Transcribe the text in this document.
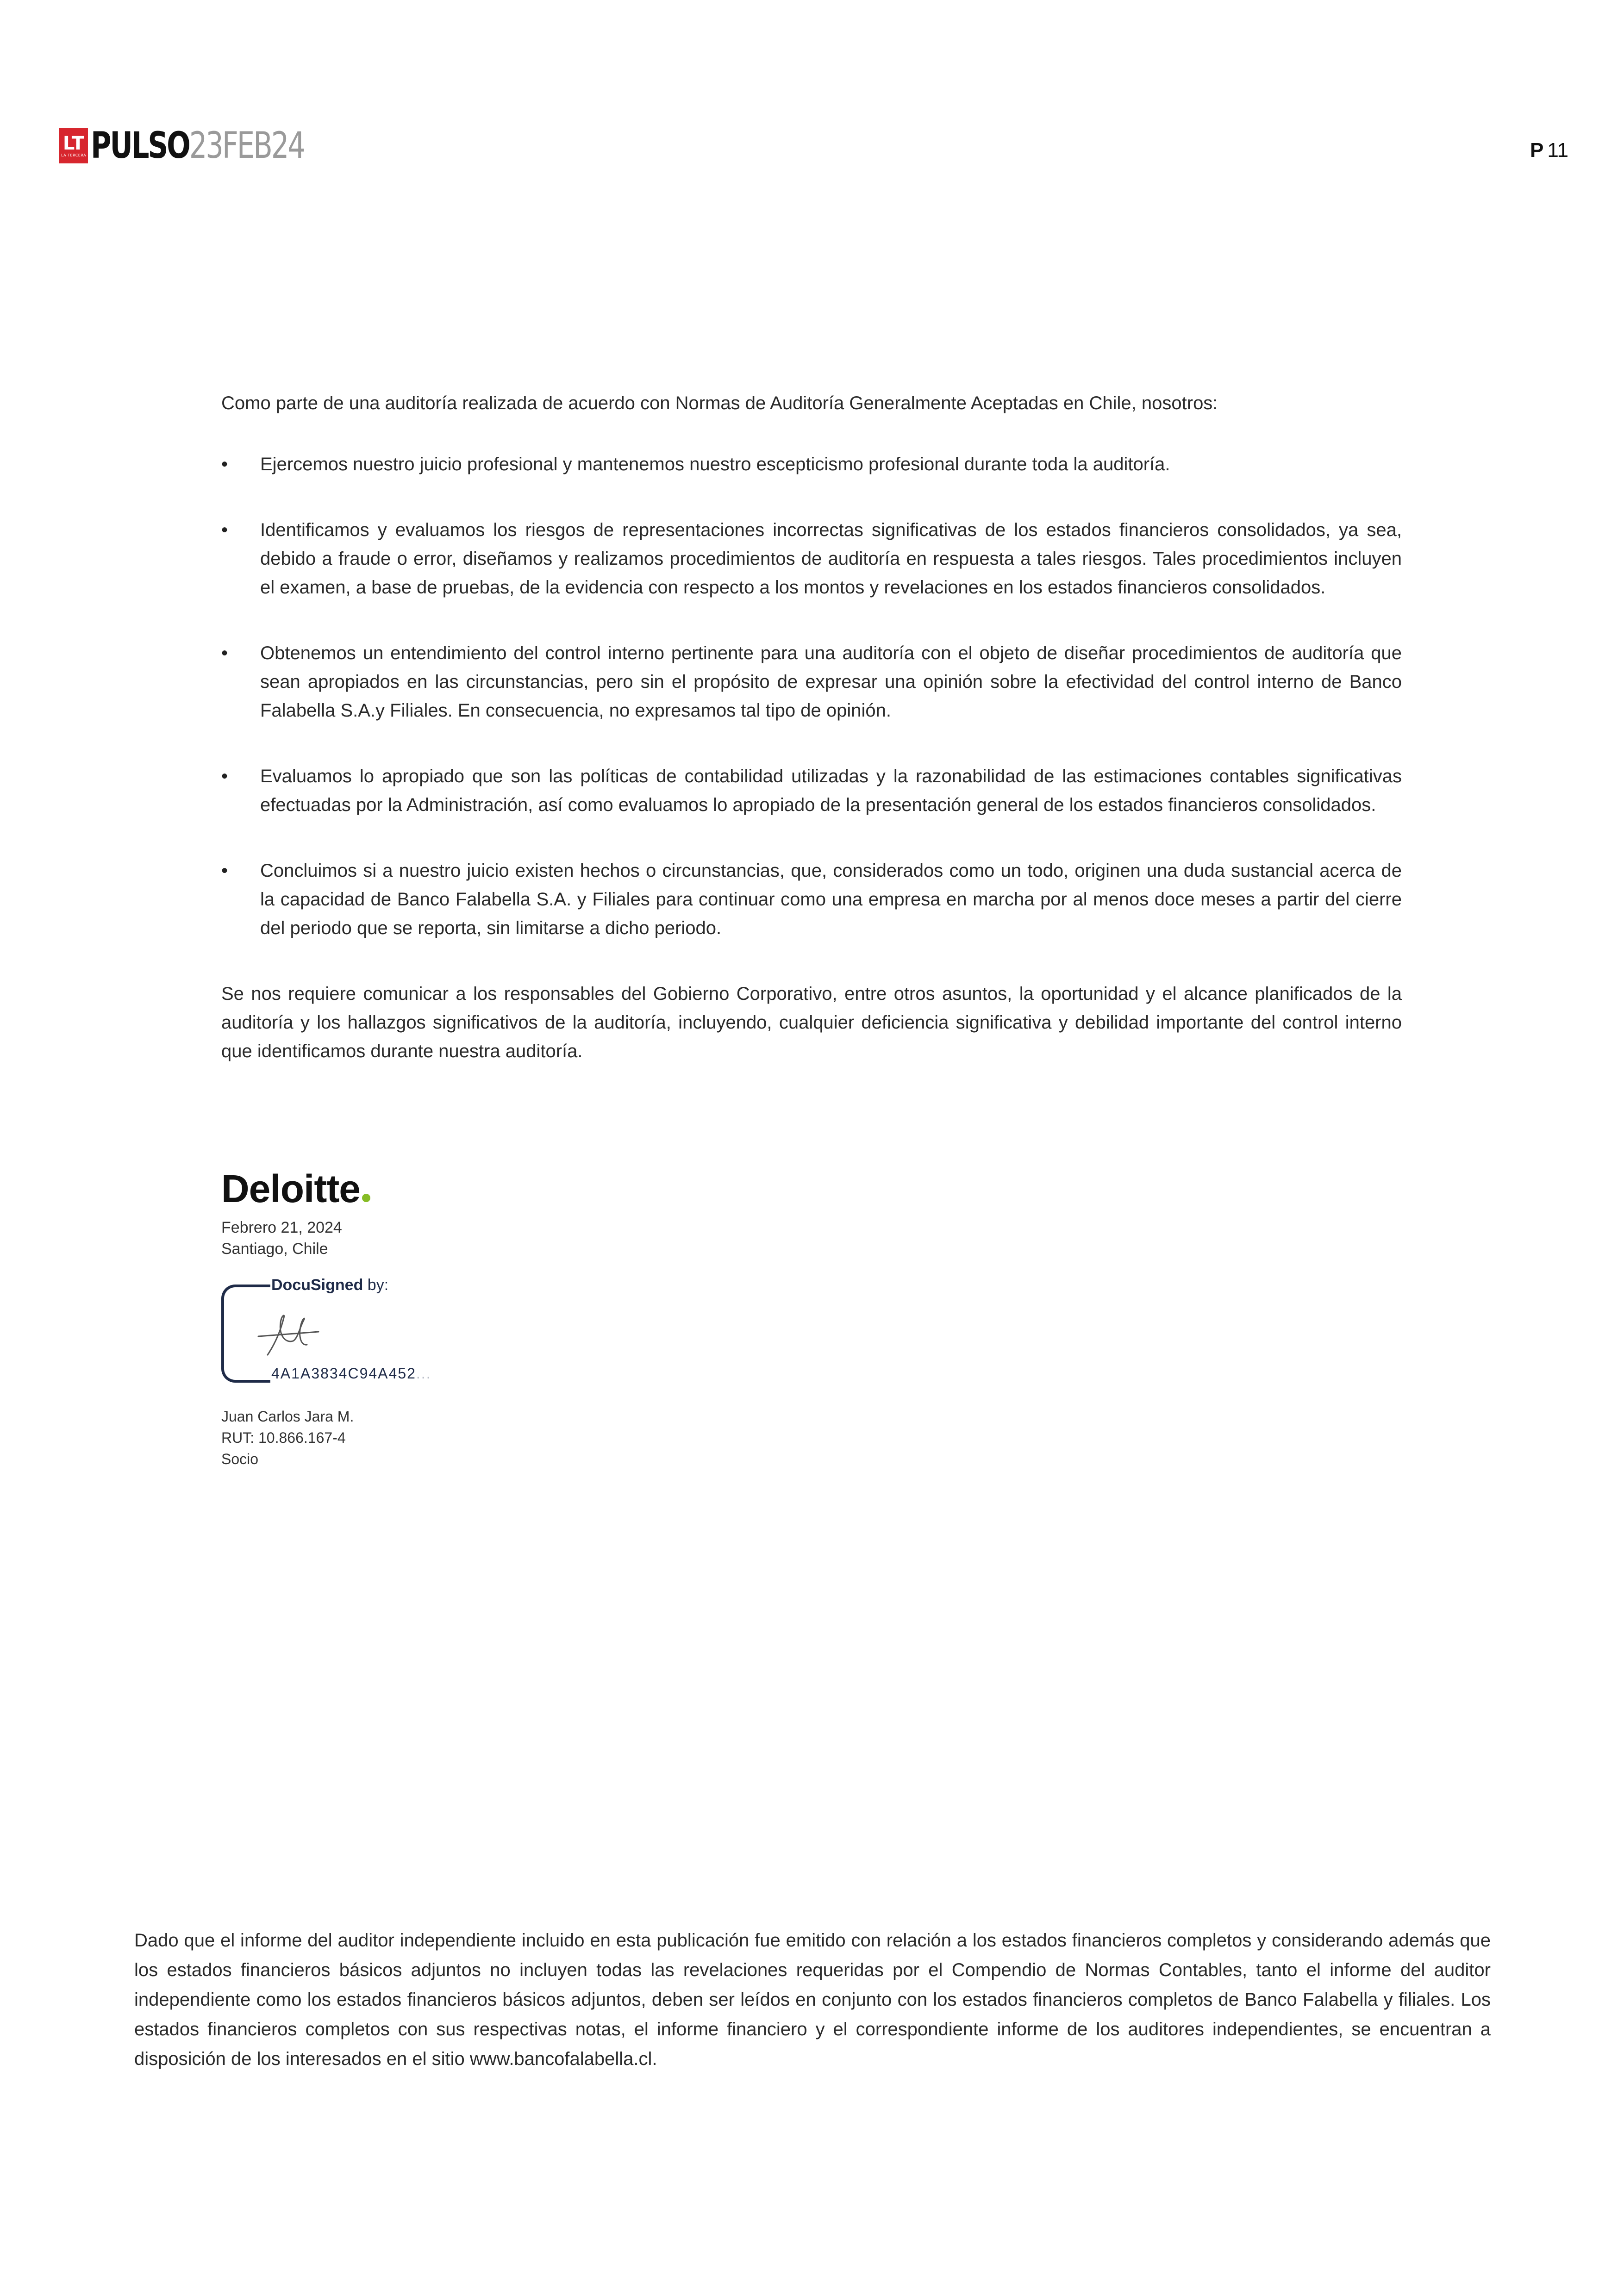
LT
LA TERCERA PULSO 23FEB24	P 11

Como parte de una auditoría realizada de acuerdo con Normas de Auditoría Generalmente Aceptadas en Chile, nosotros:

• Ejercemos nuestro juicio profesional y mantenemos nuestro escepticismo profesional durante toda la auditoría.
• Identificamos y evaluamos los riesgos de representaciones incorrectas significativas de los estados financieros consolidados, ya sea, debido a fraude o error, diseñamos y realizamos procedimientos de auditoría en respuesta a tales riesgos. Tales procedimientos incluyen el examen, a base de pruebas, de la evidencia con respecto a los montos y revelaciones en los estados financieros consolidados.
• Obtenemos un entendimiento del control interno pertinente para una auditoría con el objeto de diseñar procedimientos de auditoría que sean apropiados en las circunstancias, pero sin el propósito de expresar una opinión sobre la efectividad del control interno de Banco Falabella S.A.y Filiales. En consecuencia, no expresamos tal tipo de opinión.
• Evaluamos lo apropiado que son las políticas de contabilidad utilizadas y la razonabilidad de las estimaciones contables significativas efectuadas por la Administración, así como evaluamos lo apropiado de la presentación general de los estados financieros consolidados.
• Concluimos si a nuestro juicio existen hechos o circunstancias, que, considerados como un todo, originen una duda sustancial acerca de la capacidad de Banco Falabella S.A. y Filiales para continuar como una empresa en marcha por al menos doce meses a partir del cierre del periodo que se reporta, sin limitarse a dicho periodo.

Se nos requiere comunicar a los responsables del Gobierno Corporativo, entre otros asuntos, la oportunidad y el alcance planificados de la auditoría y los hallazgos significativos de la auditoría, incluyendo, cualquier deficiencia significativa y debilidad importante del control interno que identificamos durante nuestra auditoría.

Deloitte
Febrero 21, 2024
Santiago, Chile
DocuSigned by:
4A1A3834C94A452...
Juan Carlos Jara M.
RUT: 10.866.167-4
Socio

Dado que el informe del auditor independiente incluido en esta publicación fue emitido con relación a los estados financieros completos y considerando además que los estados financieros básicos adjuntos no incluyen todas las revelaciones requeridas por el Compendio de Normas Contables, tanto el informe del auditor independiente como los estados financieros básicos adjuntos, deben ser leídos en conjunto con los estados financieros completos de Banco Falabella y filiales. Los estados financieros completos con sus respectivas notas, el informe financiero y el correspondiente informe de los auditores independientes, se encuentran a disposición de los interesados en el sitio www.bancofalabella.cl.
